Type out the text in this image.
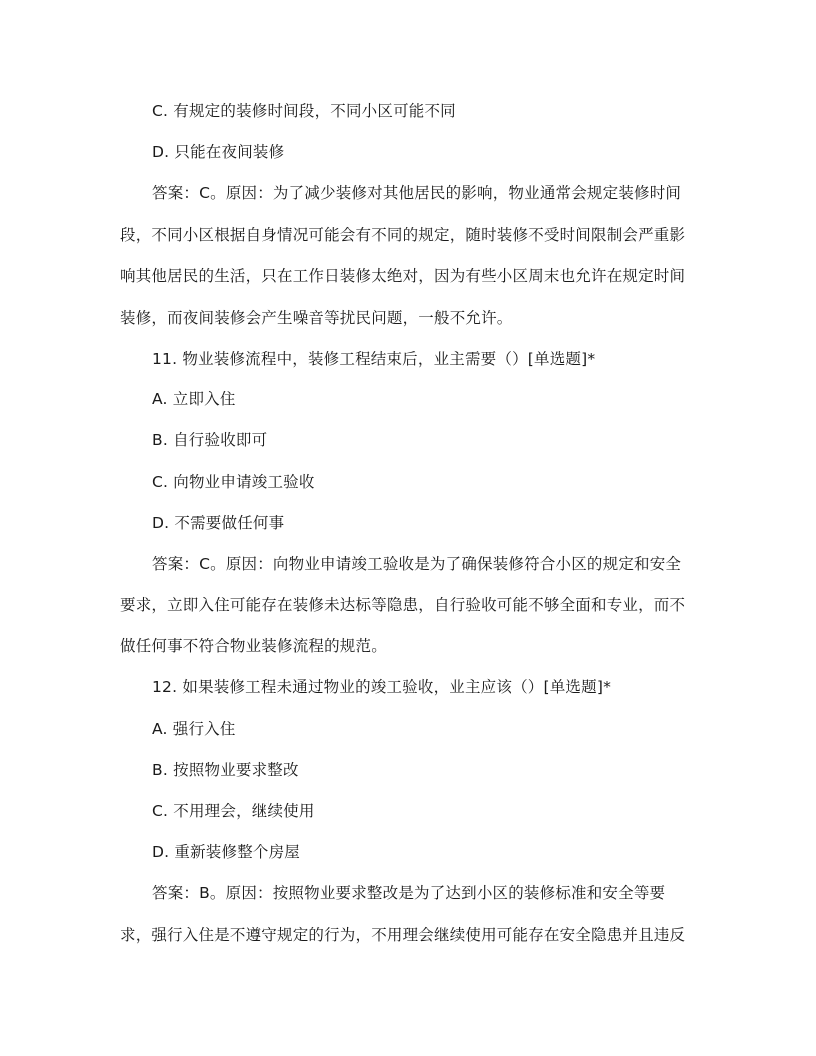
C. 有规定的装修时间段，不同小区可能不同
D. 只能在夜间装修
答案：C。原因：为了减少装修对其他居民的影响，物业通常会规定装修时间
段，不同小区根据自身情况可能会有不同的规定，随时装修不受时间限制会严重影
响其他居民的生活，只在工作日装修太绝对，因为有些小区周末也允许在规定时间
装修，而夜间装修会产生噪音等扰民问题，一般不允许。
11. 物业装修流程中，装修工程结束后，业主需要（）[单选题]*
A. 立即入住
B. 自行验收即可
C. 向物业申请竣工验收
D. 不需要做任何事
答案：C。原因：向物业申请竣工验收是为了确保装修符合小区的规定和安全
要求，立即入住可能存在装修未达标等隐患，自行验收可能不够全面和专业，而不
做任何事不符合物业装修流程的规范。
12. 如果装修工程未通过物业的竣工验收，业主应该（）[单选题]*
A. 强行入住
B. 按照物业要求整改
C. 不用理会，继续使用
D. 重新装修整个房屋
答案：B。原因：按照物业要求整改是为了达到小区的装修标准和安全等要
求，强行入住是不遵守规定的行为，不用理会继续使用可能存在安全隐患并且违反
